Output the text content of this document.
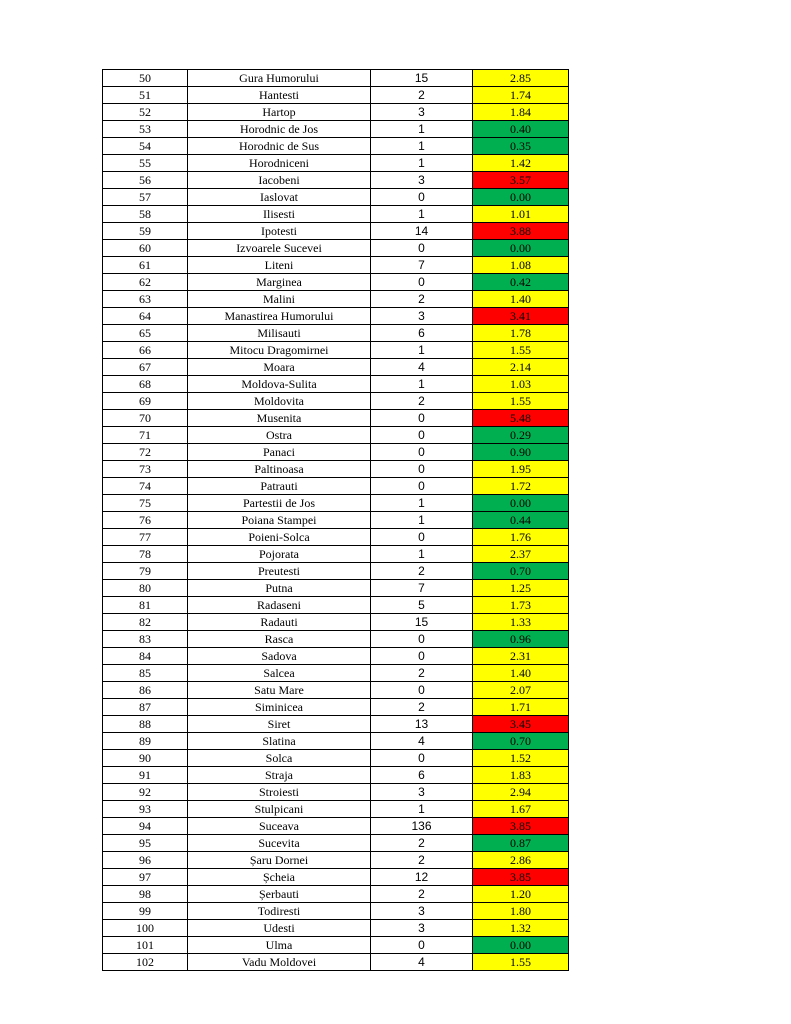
50	Gura Humorului	15	2.85
51	Hantesti	2	1.74
52	Hartop	3	1.84
53	Horodnic de Jos	1	0.40
54	Horodnic de Sus	1	0.35
55	Horodniceni	1	1.42
56	Iacobeni	3	3.57
57	Iaslovat	0	0.00
58	Ilisesti	1	1.01
59	Ipotesti	14	3.88
60	Izvoarele Sucevei	0	0.00
61	Liteni	7	1.08
62	Marginea	0	0.42
63	Malini	2	1.40
64	Manastirea Humorului	3	3.41
65	Milisauti	6	1.78
66	Mitocu Dragomirnei	1	1.55
67	Moara	4	2.14
68	Moldova-Sulita	1	1.03
69	Moldovita	2	1.55
70	Musenita	0	5.48
71	Ostra	0	0.29
72	Panaci	0	0.90
73	Paltinoasa	0	1.95
74	Patrauti	0	1.72
75	Partestii de Jos	1	0.00
76	Poiana Stampei	1	0.44
77	Poieni-Solca	0	1.76
78	Pojorata	1	2.37
79	Preutesti	2	0.70
80	Putna	7	1.25
81	Radaseni	5	1.73
82	Radauti	15	1.33
83	Rasca	0	0.96
84	Sadova	0	2.31
85	Salcea	2	1.40
86	Satu Mare	0	2.07
87	Siminicea	2	1.71
88	Siret	13	3.45
89	Slatina	4	0.70
90	Solca	0	1.52
91	Straja	6	1.83
92	Stroiesti	3	2.94
93	Stulpicani	1	1.67
94	Suceava	136	3.85
95	Sucevita	2	0.87
96	Șaru Dornei	2	2.86
97	Șcheia	12	3.85
98	Șerbauti	2	1.20
99	Todiresti	3	1.80
100	Udesti	3	1.32
101	Ulma	0	0.00
102	Vadu Moldovei	4	1.55
